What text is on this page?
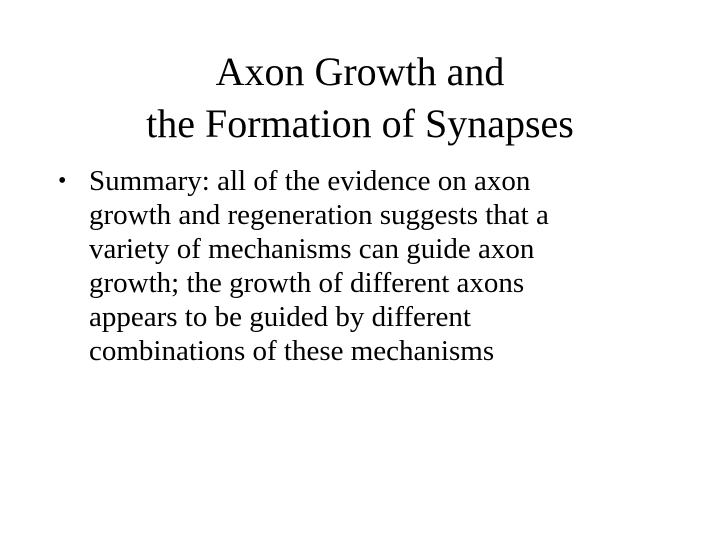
Axon Growth and
the Formation of Synapses
• Summary: all of the evidence on axon
growth and regeneration suggests that a
variety of mechanisms can guide axon
growth; the growth of different axons
appears to be guided by different
combinations of these mechanisms
